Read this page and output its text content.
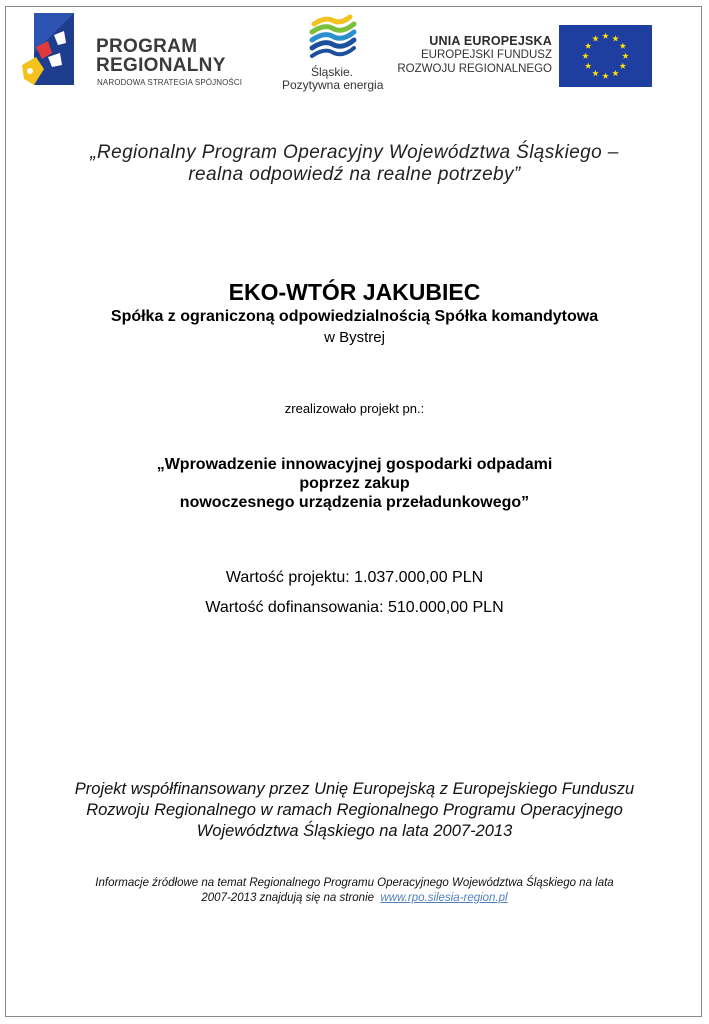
PROGRAM
REGIONALNY
NARODOWA STRATEGIA SPÓJNOŚCI
Śląskie.
Pozytywna energia
UNIA EUROPEJSKA
EUROPEJSKI FUNDUSZ
ROZWOJU REGIONALNEGO
„Regionalny Program Operacyjny Województwa Śląskiego –
realna odpowiedź na realne potrzeby”
EKO-WTÓR JAKUBIEC
Spółka z ograniczoną odpowiedzialnością Spółka komandytowa
w Bystrej
zrealizowało projekt pn.:
„Wprowadzenie innowacyjnej gospodarki odpadami
poprzez zakup
nowoczesnego urządzenia przeładunkowego”
Wartość projektu: 1.037.000,00 PLN
Wartość dofinansowania: 510.000,00 PLN
Projekt współfinansowany przez Unię Europejską z Europejskiego Funduszu
Rozwoju Regionalnego w ramach Regionalnego Programu Operacyjnego
Województwa Śląskiego na lata 2007-2013
Informacje źródłowe na temat Regionalnego Programu Operacyjnego Województwa Śląskiego na lata
2007-2013 znajdują się na stronie www.rpo.silesia-region.pl
